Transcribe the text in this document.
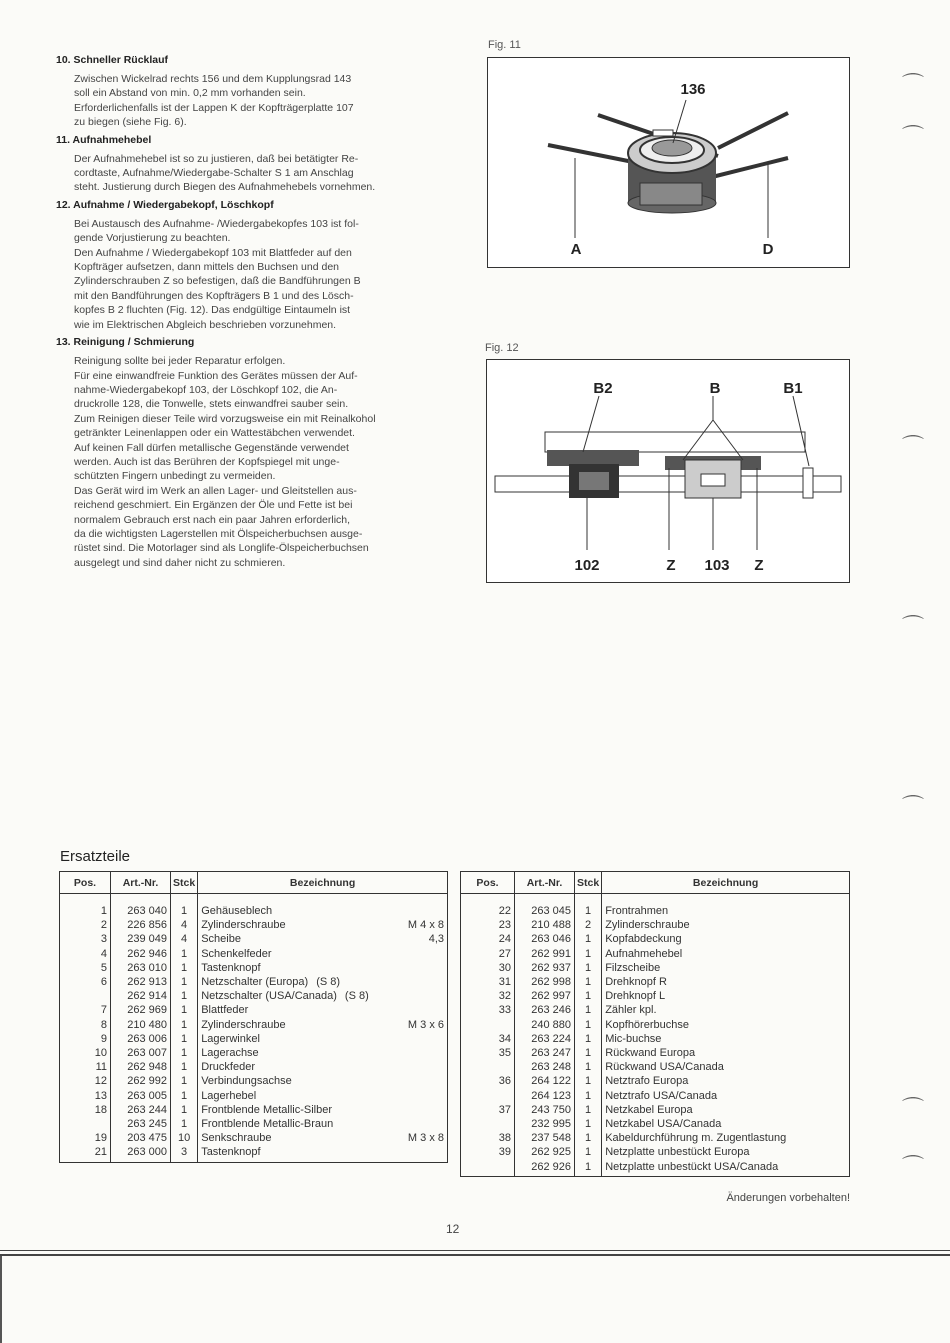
10. Schneller Rücklauf
Zwischen Wickelrad rechts 156 und dem Kupplungsrad 143
soll ein Abstand von min. 0,2 mm vorhanden sein.
Erforderlichenfalls ist der Lappen K der Kopfträgerplatte 107
zu biegen (siehe Fig. 6).
11. Aufnahmehebel
Der Aufnahmehebel ist so zu justieren, daß bei betätigter Re-
cordtaste, Aufnahme/Wiedergabe-Schalter S 1 am Anschlag
steht. Justierung durch Biegen des Aufnahmehebels vornehmen.
12. Aufnahme / Wiedergabekopf, Löschkopf
Bei Austausch des Aufnahme- /Wiedergabekopfes 103 ist fol-
gende Vorjustierung zu beachten.
Den Aufnahme / Wiedergabekopf 103 mit Blattfeder auf den
Kopfträger aufsetzen, dann mittels den Buchsen und den
Zylinderschrauben Z so befestigen, daß die Bandführungen B
mit den Bandführungen des Kopfträgers B 1 und des Lösch-
kopfes B 2 fluchten (Fig. 12). Das endgültige Eintaumeln ist
wie im Elektrischen Abgleich beschrieben vorzunehmen.
13. Reinigung / Schmierung
Reinigung sollte bei jeder Reparatur erfolgen.
Für eine einwandfreie Funktion des Gerätes müssen der Auf-
nahme-Wiedergabekopf 103, der Löschkopf 102, die An-
druckrolle 128, die Tonwelle, stets einwandfrei sauber sein.
Zum Reinigen dieser Teile wird vorzugsweise ein mit Reinalkohol
getränkter Leinenlappen oder ein Wattestäbchen verwendet.
Auf keinen Fall dürfen metallische Gegenstände verwendet
werden. Auch ist das Berühren der Kopfspiegel mit unge-
schützten Fingern unbedingt zu vermeiden.
Das Gerät wird im Werk an allen Lager- und Gleitstellen aus-
reichend geschmiert. Ein Ergänzen der Öle und Fette ist bei
normalem Gebrauch erst nach ein paar Jahren erforderlich,
da die wichtigsten Lagerstellen mit Ölspeicherbuchsen ausge-
rüstet sind. Die Motorlager sind als Longlife-Ölspeicherbuchsen
ausgelegt und sind daher nicht zu schmieren.
Fig. 11
136
A	D
Fig. 12
B2	B	B1
102	Z 103 Z
Ersatzteile
Pos.	Art.-Nr.	Stck	Bezeichnung
1	263 040	1	Gehäuseblech
2	226 856	4	Zylinderschraube M 4 x 8

3	239 049	4	Scheibe 4,3

4	262 946	1	Schenkelfeder
5	263 010	1	Tastenknopf
6	262 913	1	Netzschalter (Europa) (S 8)
	262 914	1	Netzschalter (USA/Canada) (S 8)
7	262 969	1	Blattfeder
8	210 480	1	Zylinderschraube M 3 x 6

9	263 006	1	Lagerwinkel
10	263 007	1	Lagerachse
11	262 948	1	Druckfeder
12	262 992	1	Verbindungsachse
13	263 005	1	Lagerhebel
18	263 244	1	Frontblende Metallic-Silber
	263 245	1	Frontblende Metallic-Braun
19	203 475	10	Senkschraube M 3 x 8

21	263 000	3	Tastenknopf
Pos.	Art.-Nr.	Stck	Bezeichnung
22	263 045	1	Frontrahmen
23	210 488	2	Zylinderschraube
24	263 046	1	Kopfabdeckung
27	262 991	1	Aufnahmehebel
30	262 937	1	Filzscheibe
31	262 998	1	Drehknopf R
32	262 997	1	Drehknopf L
33	263 246	1	Zähler kpl.
	240 880	1	Kopfhörerbuchse
34	263 224	1	Mic-buchse
35	263 247	1	Rückwand Europa
	263 248	1	Rückwand USA/Canada
36	264 122	1	Netztrafo Europa
	264 123	1	Netztrafo USA/Canada
37	243 750	1	Netzkabel Europa
	232 995	1	Netzkabel USA/Canada
38	237 548	1	Kabeldurchführung m. Zugentlastung
39	262 925	1	Netzplatte unbestückt Europa
	262 926	1	Netzplatte unbestückt USA/Canada
Änderungen vorbehalten!
12
⌒
⌒
⌒
⌒
⌒
⌒
⌒
